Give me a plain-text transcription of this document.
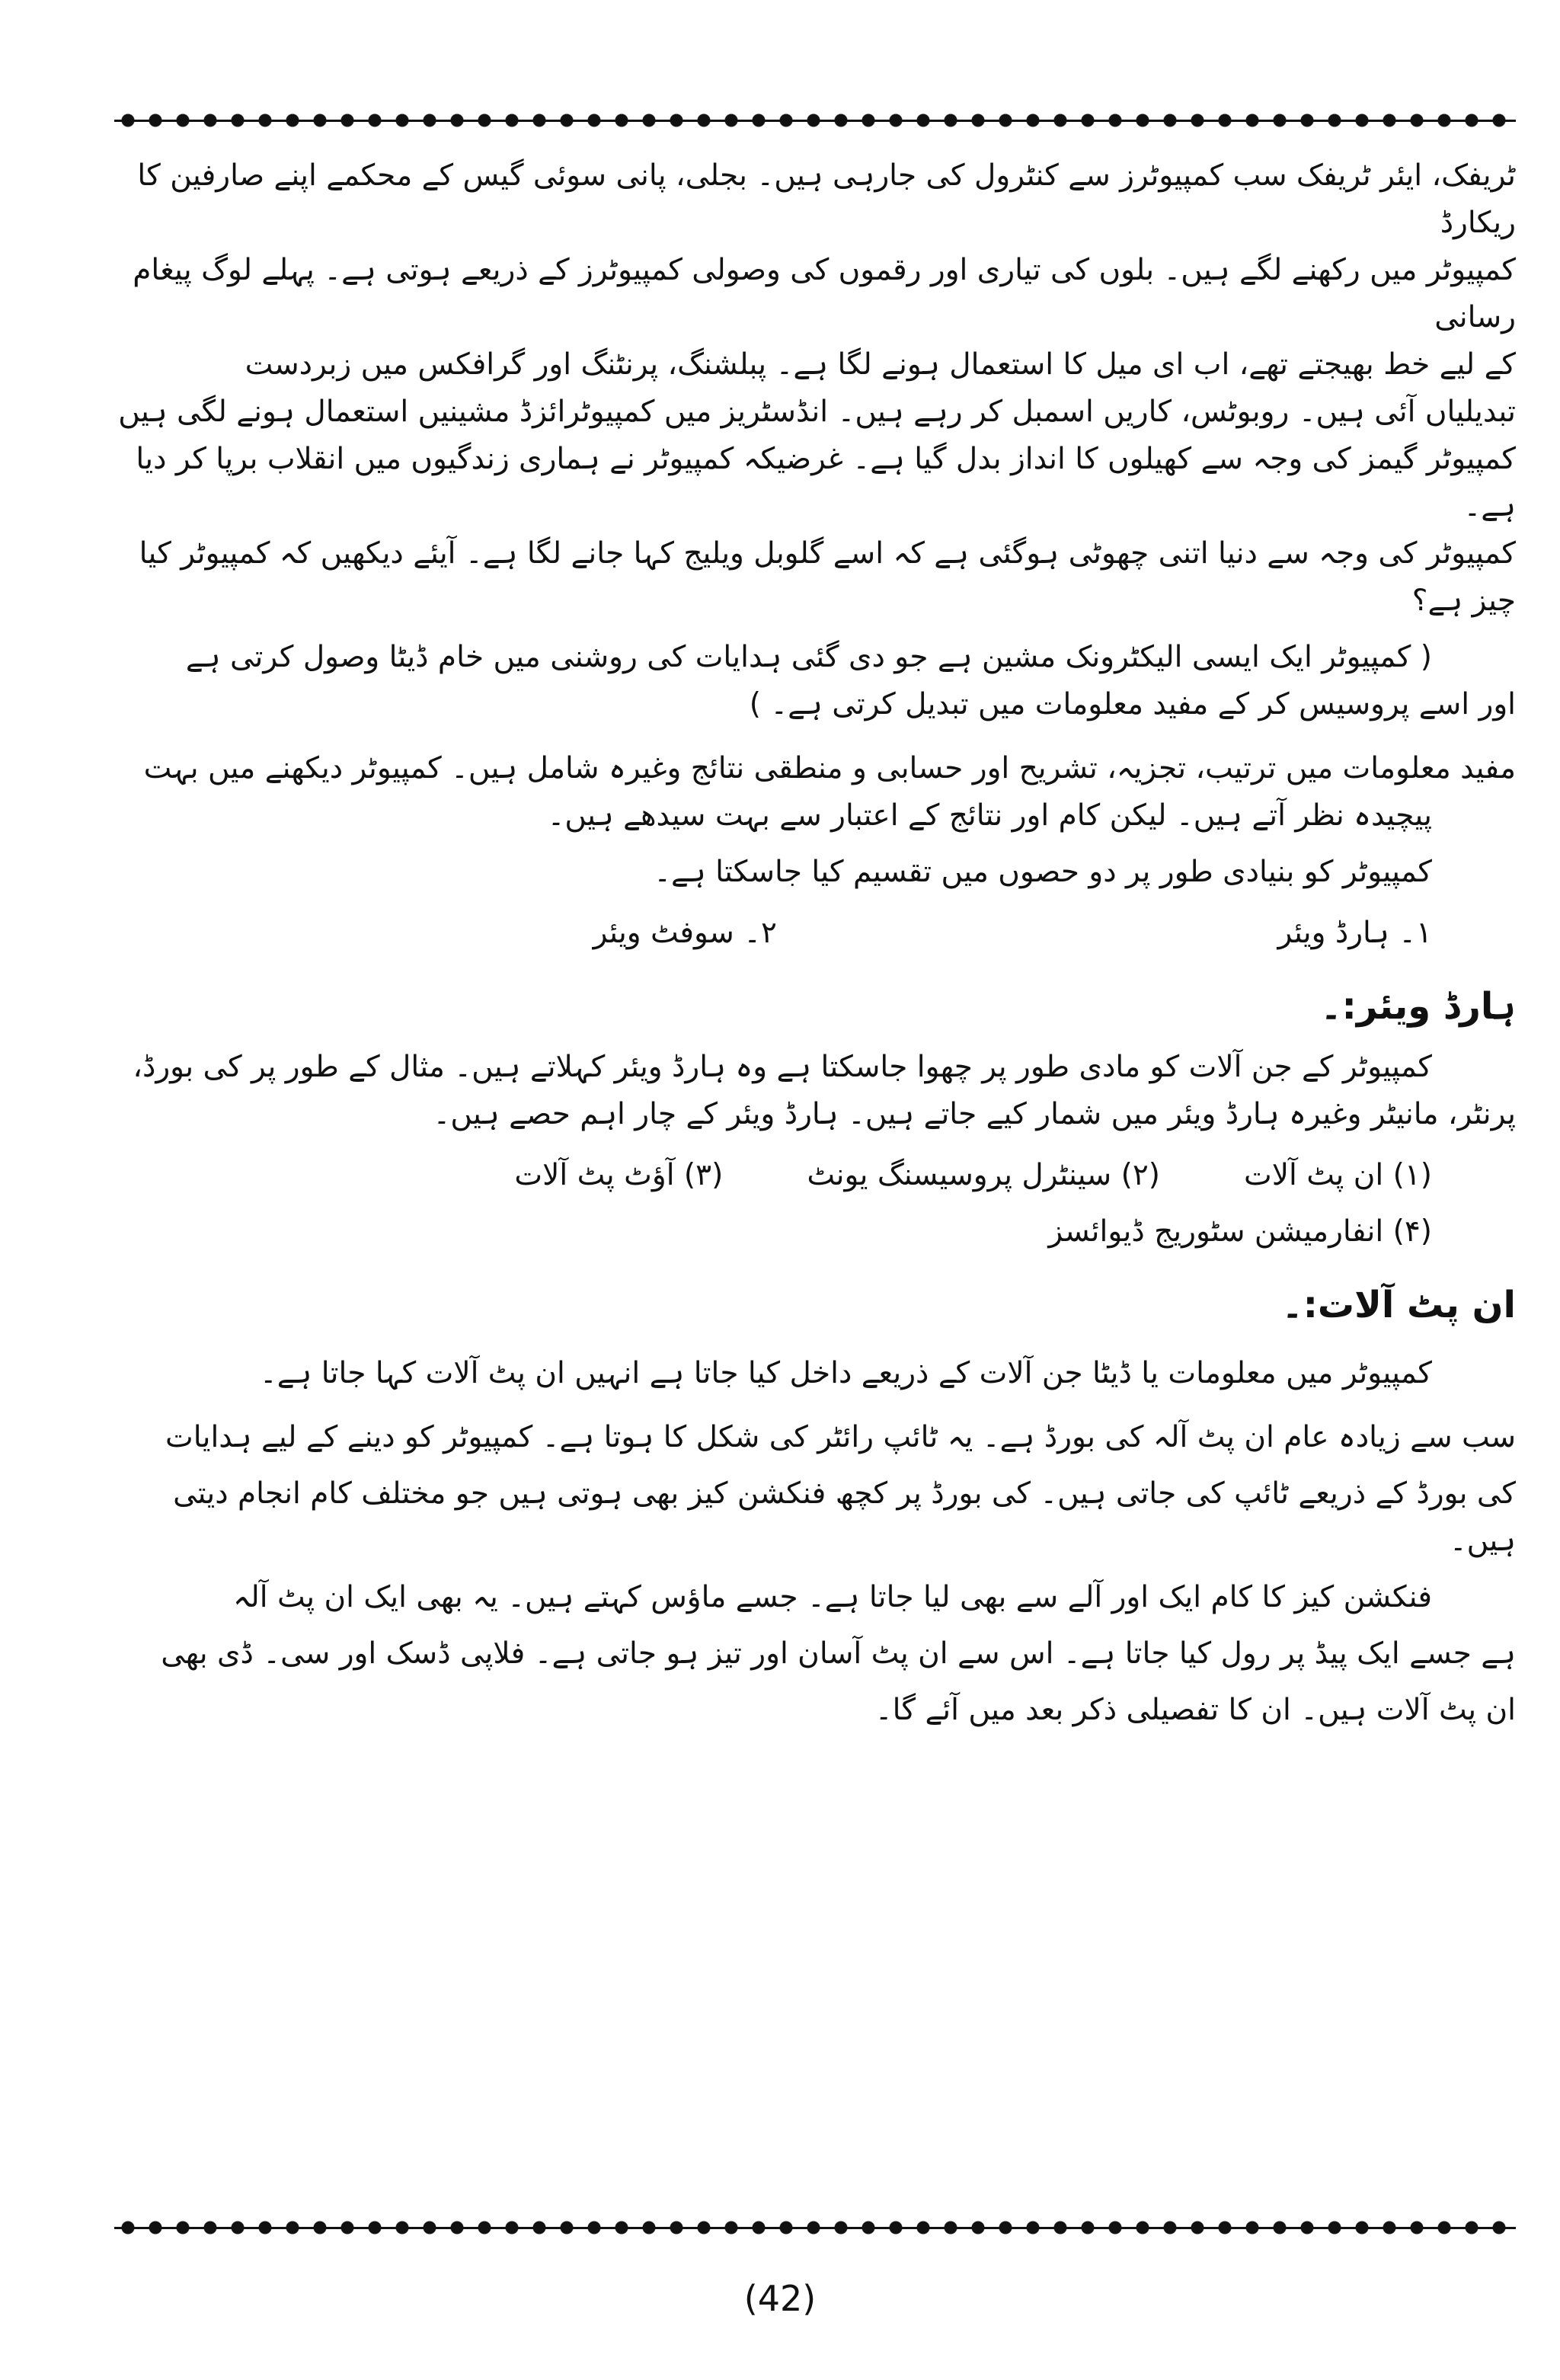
ٹریفک، ایئر ٹریفک سب کمپیوٹرز سے کنٹرول کی جارہی ہیں۔ بجلی، پانی سوئی گیس کے محکمے اپنے صارفین کا ریکارڈ

کمپیوٹر میں رکھنے لگے ہیں۔ بلوں کی تیاری اور رقموں کی وصولی کمپیوٹرز کے ذریعے ہوتی ہے۔ پہلے لوگ پیغام رسانی

کے لیے خط بھیجتے تھے، اب ای میل کا استعمال ہونے لگا ہے۔ پبلشنگ، پرنٹنگ اور گرافکس میں زبردست

تبدیلیاں آئی ہیں۔ روبوٹس، کاریں اسمبل کر رہے ہیں۔ انڈسٹریز میں کمپیوٹرائزڈ مشینیں استعمال ہونے لگی ہیں

کمپیوٹر گیمز کی وجہ سے کھیلوں کا انداز بدل گیا ہے۔ غرضیکہ کمپیوٹر نے ہماری زندگیوں میں انقلاب برپا کر دیا ہے۔

کمپیوٹر کی وجہ سے دنیا اتنی چھوٹی ہوگئی ہے کہ اسے گلوبل ویلیج کہا جانے لگا ہے۔ آیئے دیکھیں کہ کمپیوٹر کیا چیز ہے؟

( کمپیوٹر ایک ایسی الیکٹرونک مشین ہے جو دی گئی ہدایات کی روشنی میں خام ڈیٹا وصول کرتی ہے

اور اسے پروسیس کر کے مفید معلومات میں تبدیل کرتی ہے۔ )

مفید معلومات میں ترتیب، تجزیہ، تشریح اور حسابی و منطقی نتائج وغیرہ شامل ہیں۔ کمپیوٹر دیکھنے میں بہت

پیچیدہ نظر آتے ہیں۔ لیکن کام اور نتائج کے اعتبار سے بہت سیدھے ہیں۔

کمپیوٹر کو بنیادی طور پر دو حصوں میں تقسیم کیا جاسکتا ہے۔

۱۔ ہارڈ ویئر
۲۔ سوفٹ ویئر
ہارڈ ویئر:۔

کمپیوٹر کے جن آلات کو مادی طور پر چھوا جاسکتا ہے وہ ہارڈ ویئر کہلاتے ہیں۔ مثال کے طور پر کی بورڈ،

پرنٹر، مانیٹر وغیرہ ہارڈ ویئر میں شمار کیے جاتے ہیں۔ ہارڈ ویئر کے چار اہم حصے ہیں۔

(۱) ان پٹ آلات
(۲) سینٹرل پروسیسنگ یونٹ
(۳) آؤٹ پٹ آلات

(۴) انفارمیشن سٹوریج ڈیوائسز

ان پٹ آلات:۔

کمپیوٹر میں معلومات یا ڈیٹا جن آلات کے ذریعے داخل کیا جاتا ہے انہیں ان پٹ آلات کہا جاتا ہے۔

سب سے زیادہ عام ان پٹ آلہ کی بورڈ ہے۔ یہ ٹائپ رائٹر کی شکل کا ہوتا ہے۔ کمپیوٹر کو دینے کے لیے ہدایات

کی بورڈ کے ذریعے ٹائپ کی جاتی ہیں۔ کی بورڈ پر کچھ فنکشن کیز بھی ہوتی ہیں جو مختلف کام انجام دیتی ہیں۔

فنکشن کیز کا کام ایک اور آلے سے بھی لیا جاتا ہے۔ جسے ماؤس کہتے ہیں۔ یہ بھی ایک ان پٹ آلہ

ہے جسے ایک پیڈ پر رول کیا جاتا ہے۔ اس سے ان پٹ آسان اور تیز ہو جاتی ہے۔ فلاپی ڈسک اور سی۔ ڈی بھی

ان پٹ آلات ہیں۔ ان کا تفصیلی ذکر بعد میں آئے گا۔

(42)
